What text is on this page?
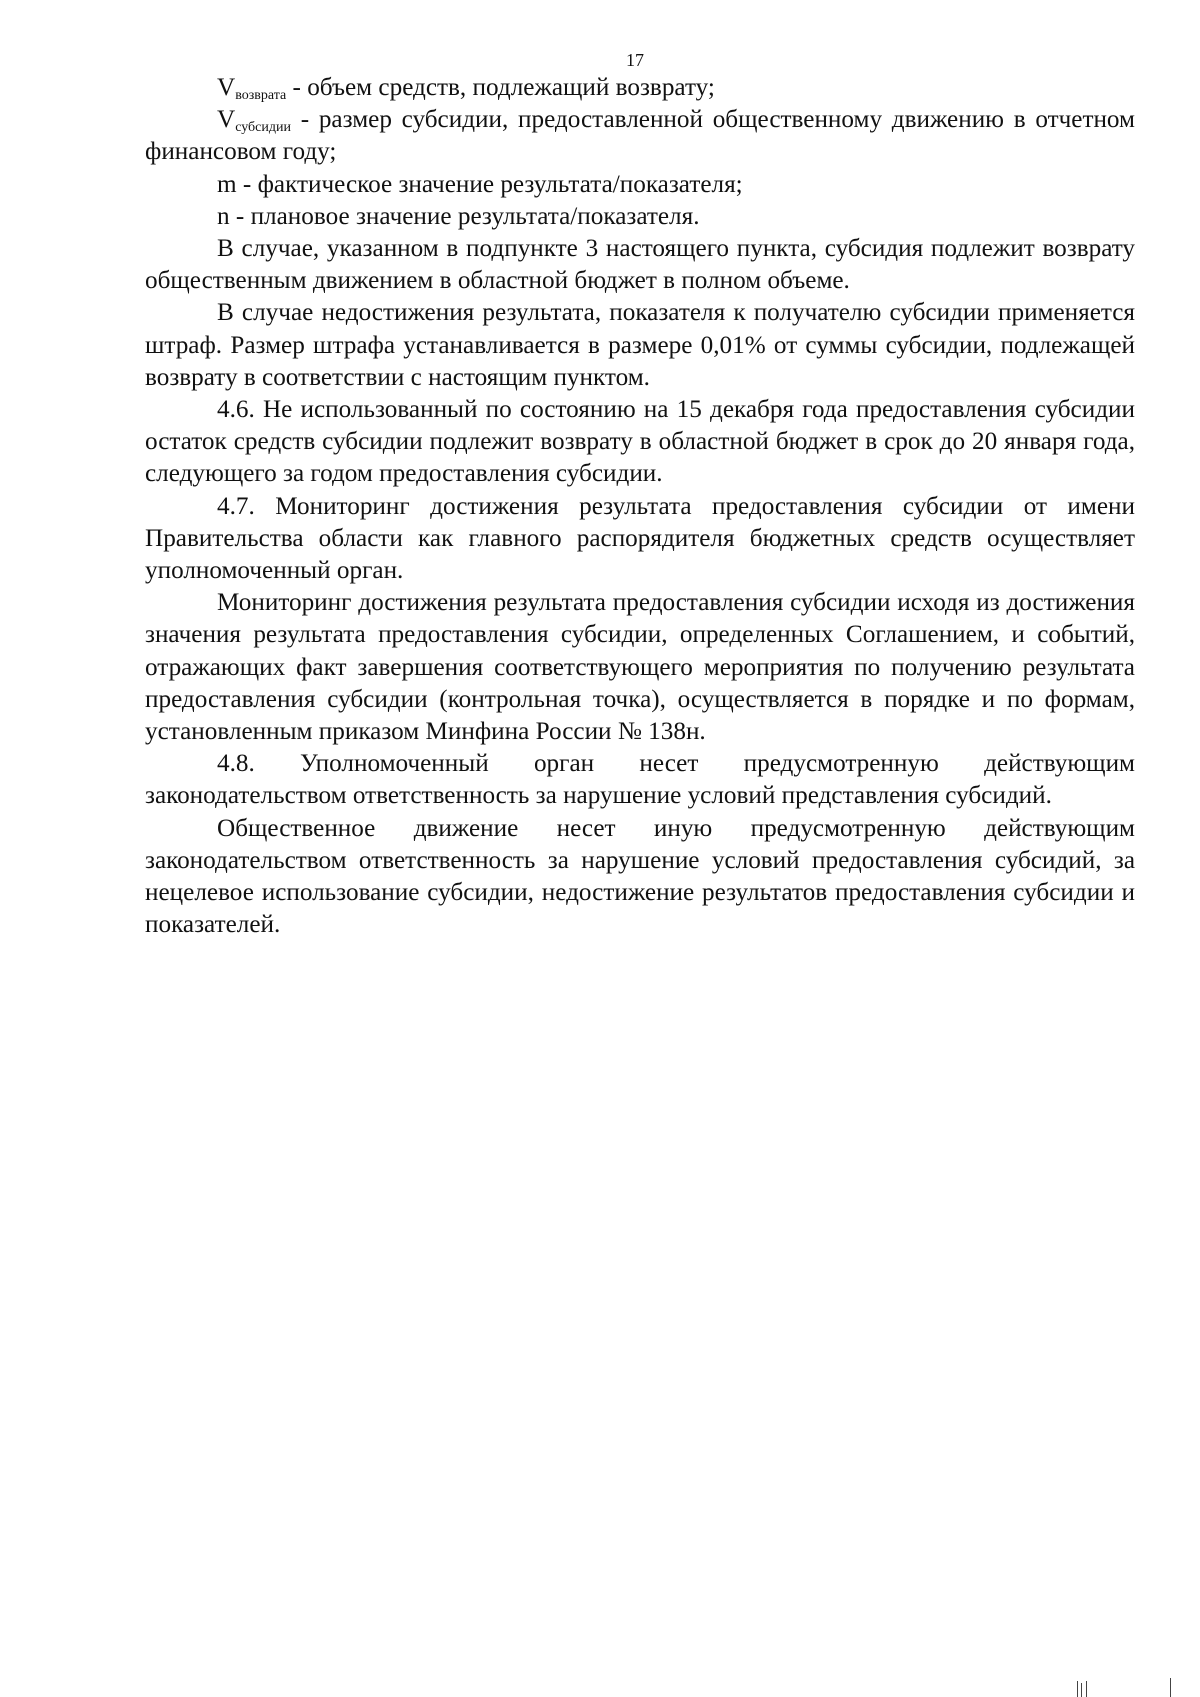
17

Vвозврата - объем средств, подлежащий возврату;

Vсубсидии - размер субсидии, предоставленной общественному движению в отчетном финансовом году;

m - фактическое значение результата/показателя;

n - плановое значение результата/показателя.

В случае, указанном в подпункте 3 настоящего пункта, субсидия подлежит возврату общественным движением в областной бюджет в полном объеме.

В случае недостижения результата, показателя к получателю субсидии применяется штраф. Размер штрафа устанавливается в размере 0,01% от суммы субсидии, подлежащей возврату в соответствии с настоящим пунктом.

4.6. Не использованный по состоянию на 15 декабря года предоставления субсидии остаток средств субсидии подлежит возврату в областной бюджет в срок до 20 января года, следующего за годом предоставления субсидии.

4.7. Мониторинг достижения результата предоставления субсидии от имени Правительства области как главного распорядителя бюджетных средств осуществляет уполномоченный орган.

Мониторинг достижения результата предоставления субсидии исходя из достижения значения результата предоставления субсидии, определенных Соглашением, и событий, отражающих факт завершения соответствующего мероприятия по получению результата предоставления субсидии (контрольная точка), осуществляется в порядке и по формам, установленным приказом Минфина России № 138н.

4.8. Уполномоченный орган несет предусмотренную действующим законодательством ответственность за нарушение условий представления субсидий.

Общественное движение несет иную предусмотренную действующим законодательством ответственность за нарушение условий предоставления субсидий, за нецелевое использование субсидии, недостижение результатов предоставления субсидии и показателей.
